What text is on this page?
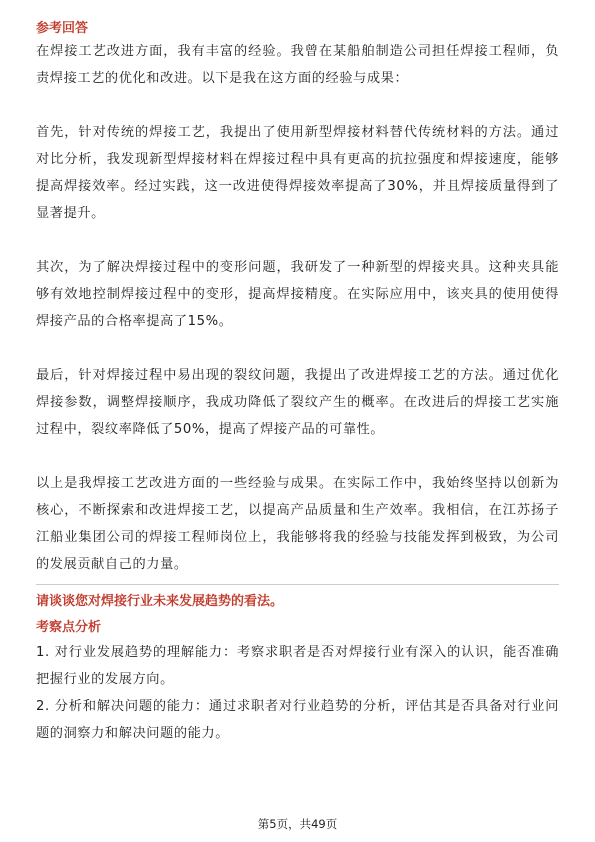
参考回答

在焊接工艺改进方面，我有丰富的经验。我曾在某船舶制造公司担任焊接工程师，负责焊接工艺的优化和改进。以下是我在这方面的经验与成果：

首先，针对传统的焊接工艺，我提出了使用新型焊接材料替代传统材料的方法。通过对比分析，我发现新型焊接材料在焊接过程中具有更高的抗拉强度和焊接速度，能够提高焊接效率。经过实践，这一改进使得焊接效率提高了30%，并且焊接质量得到了显著提升。

其次，为了解决焊接过程中的变形问题，我研发了一种新型的焊接夹具。这种夹具能够有效地控制焊接过程中的变形，提高焊接精度。在实际应用中，该夹具的使用使得焊接产品的合格率提高了15%。

最后，针对焊接过程中易出现的裂纹问题，我提出了改进焊接工艺的方法。通过优化焊接参数，调整焊接顺序，我成功降低了裂纹产生的概率。在改进后的焊接工艺实施过程中，裂纹率降低了50%，提高了焊接产品的可靠性。

以上是我焊接工艺改进方面的一些经验与成果。在实际工作中，我始终坚持以创新为核心，不断探索和改进焊接工艺，以提高产品质量和生产效率。我相信，在江苏扬子江船业集团公司的焊接工程师岗位上，我能够将我的经验与技能发挥到极致，为公司的发展贡献自己的力量。

请谈谈您对焊接行业未来发展趋势的看法。
考察点分析
1. 对行业发展趋势的理解能力：考察求职者是否对焊接行业有深入的认识，能否准确把握行业的发展方向。
2. 分析和解决问题的能力：通过求职者对行业趋势的分析，评估其是否具备对行业问题的洞察力和解决问题的能力。
第5页，共49页
